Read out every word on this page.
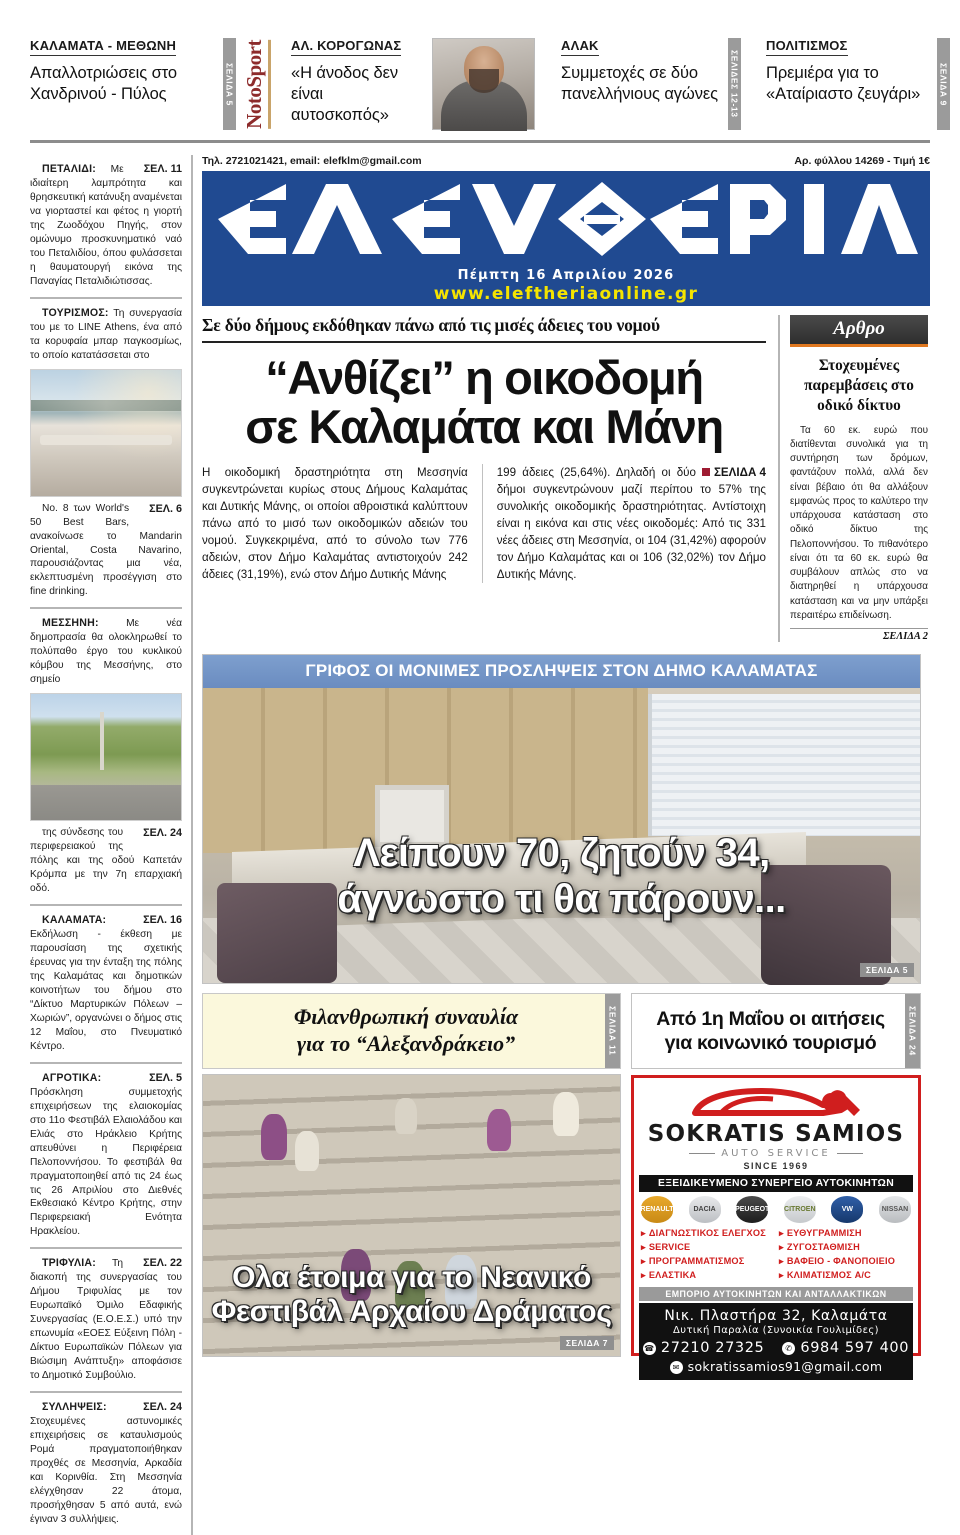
ΚΑΛΑΜΑΤΑ - ΜΕΘΩΝΗ
Απαλλοτριώσεις στο Χανδρινού - Πύλος	ΣΕΛΙΔΑ 5 NotoSport	ΑΛ. ΚΟΡΟΓΩΝΑΣ
«Η άνοδος δεν είναι αυτοσκοπός»
ΑΛΑΚ
Συμμετοχές σε δύο πανελλήνιους αγώνες	ΣΕΛΙΔΕΣ 12-13
ΠΟΛΙΤΙΣΜΟΣ
Πρεμιέρα για το «Αταίριαστο ζευγάρι»	ΣΕΛΙΔΑ 9

ΣΕΛ. 11
ΠΕΤΑΛΙΔΙ: Με ιδιαίτερη λαμπρότητα και θρησκευτική κατάνυξη αναμένεται να γιορταστεί και φέτος η γιορτή της Ζωοδόχου Πηγής, στον ομώνυμο προσκυνηματικό ναό του Πεταλιδίου, όπου φυλάσσεται η θαυματουργή εικόνα της Παναγίας Πεταλιδιώτισσας.

ΤΟΥΡΙΣΜΟΣ: Τη συνεργασία του με το LINE Athens, ένα από τα κορυφαία μπαρ παγκοσμίως, το οποίο κατατάσσεται στο

ΣΕΛ. 6
No. 8 των World's 50 Best Bars, ανακοίνωσε το Mandarin Oriental, Costa Navarino, παρουσιάζοντας μια νέα, εκλεπτυσμένη προσέγγιση στο fine drinking.

ΜΕΣΣΗΝΗ: Με νέα δημοπρασία θα ολοκληρωθεί το πολύπαθο έργο του κυκλικού κόμβου της Μεσσήνης, στο σημείο

ΣΕΛ. 24
της σύνδεσης του περιφερειακού της πόλης και της οδού Καπετάν Κρόμπα με την 7η επαρχιακή οδό.

ΣΕΛ. 16
ΚΑΛΑΜΑΤΑ: Εκδήλωση - έκθεση με παρουσίαση της σχετικής έρευνας για την ένταξη της πόλης της Καλαμάτας και δημοτικών κοινοτήτων του δήμου στο “Δίκτυο Μαρτυρικών Πόλεων – Χωριών”, οργανώνει ο δήμος στις 12 Μαΐου, στο Πνευματικό Κέντρο.

ΣΕΛ. 5
ΑΓΡΟΤΙΚΑ: Πρόσκληση συμμετοχής επιχειρήσεων της ελαιοκομίας στο 11ο Φεστιβάλ Ελαιολάδου και Ελιάς στο Ηράκλειο Κρήτης απευθύνει η Περιφέρεια Πελοποννήσου. Το φεστιβάλ θα πραγματοποιηθεί από τις 24 έως τις 26 Απριλίου στο Διεθνές Εκθεσιακό Κέντρο Κρήτης, στην Περιφερειακή Ενότητα Ηρακλείου.

ΣΕΛ. 22
ΤΡΙΦΥΛΙΑ: Τη διακοπή της συνεργασίας του Δήμου Τριφυλίας με τον Ευρωπαϊκό Όμιλο Εδαφικής Συνεργασίας (Ε.Ο.Ε.Σ.) υπό την επωνυμία «ΕΟΕΣ Εύξεινη Πόλη - Δίκτυο Ευρωπαϊκών Πόλεων για Βιώσιμη Ανάπτυξη» αποφάσισε το Δημοτικό Συμβούλιο.

ΣΕΛ. 24
ΣΥΛΛΗΨΕΙΣ: Στοχευμένες αστυνομικές επιχειρήσεις σε καταυλισμούς Ρομά πραγματοποιήθηκαν προχθές σε Μεσσηνία, Αρκαδία και Κορινθία. Στη Μεσσηνία ελέγχθησαν 22 άτομα, προσήχθησαν 5 από αυτά, ενώ έγιναν 3 συλλήψεις.

Τηλ. 2721021421, email: elefklm@gmail.com	Αρ. φύλλου 14269 - Τιμή 1€
Πέμπτη 16 Απριλίου 2026
www.eleftheriaonline.gr
Σε δύο δήμους εκδόθηκαν πάνω από τις μισές άδειες του νομού
“Ανθίζει” η οικοδομή
σε Καλαμάτα και Μάνη

Η οικοδομική δραστηριότητα στη Μεσσηνία συγκεντρώνεται κυρίως στους Δήμους Καλαμάτας και Δυτικής Μάνης, οι οποίοι αθροιστικά καλύπτουν πάνω από το μισό των οικοδομικών αδειών του νομού. Συγκεκριμένα, από το σύνολο των 776 αδειών, στον Δήμο Καλαμάτας αντιστοιχούν 242 άδειες (31,19%), ενώ στον Δήμο Δυτικής Μάνης

ΣΕΛΙΔΑ 4
199 άδειες (25,64%). Δηλαδή οι δύο δήμοι συγκεντρώνουν μαζί περίπου το 57% της συνολικής οικοδομικής δραστηριότητας. Αντίστοιχη είναι η εικόνα και στις νέες οικοδομές: Από τις 331 νέες άδειες στη Μεσσηνία, οι 104 (31,42%) αφορούν τον Δήμο Καλαμάτας και οι 106 (32,02%) τον Δήμο Δυτικής Μάνης.

Αρθρο
Στοχευμένες παρεμβάσεις στο οδικό δίκτυο

Τα 60 εκ. ευρώ που διατίθενται συνολικά για τη συντήρηση των δρόμων, φαντάζουν πολλά, αλλά δεν είναι βέβαιο ότι θα αλλάξουν εμφανώς προς το καλύτερο την υπάρχουσα κατάσταση στο οδικό δίκτυο της Πελοποννήσου. Το πιθανότερο είναι ότι τα 60 εκ. ευρώ θα συμβάλουν απλώς στο να διατηρηθεί η υπάρχουσα κατάσταση και να μην υπάρξει περαιτέρω επιδείνωση.

ΣΕΛΙΔΑ 2
ΓΡΙΦΟΣ ΟΙ ΜΟΝΙΜΕΣ ΠΡΟΣΛΗΨΕΙΣ ΣΤΟΝ ΔΗΜΟ ΚΑΛΑΜΑΤΑΣ
Λείπουν 70, ζητούν 34,
άγνωστο τι θα πάρουν...
ΣΕΛΙΔΑ 5
Φιλανθρωπική συναυλία
για το “Αλεξανδράκειο”	ΣΕΛΙΔΑ 11
Ολα έτοιμα για το Νεανικό
Φεστιβάλ Αρχαίου Δράματος
ΣΕΛΙΔΑ 7
Από 1η Μαΐου οι αιτήσεις
για κοινωνικό τουρισμό	ΣΕΛΙΔΑ 24
SOKRATIS SAMIOS
AUTO SERVICE
SINCE 1969
ΕΞΕΙΔΙΚΕΥΜΕΝΟ ΣΥΝΕΡΓΕΙΟ ΑΥΤΟΚΙΝΗΤΩΝ
RENAULT	DACIA	PEUGEOT CITROEN	VW	NISSAN
▸ ΔΙΑΓΝΩΣΤΙΚΟΣ ΕΛΕΓΧΟΣ
▸ SERVICE
▸ ΠΡΟΓΡΑΜΜΑΤΙΣΜΟΣ
▸ ΕΛΑΣΤΙΚΑ
▸ ΕΥΘΥΓΡΑΜΜΙΣΗ
▸ ΖΥΓΟΣΤΑΘΜΙΣΗ
▸ ΒΑΦΕΙΟ - ΦΑΝΟΠΟΙΕΙΟ
▸ ΚΛΙΜΑΤΙΣΜΟΣ A/C
ΕΜΠΟΡΙΟ ΑΥΤΟΚΙΝΗΤΩΝ ΚΑΙ ΑΝΤΑΛΛΑΚΤΙΚΩΝ
Νικ. Πλαστήρα 32, Καλαμάτα
Δυτική Παραλία (Συνοικία Γουλιμίδες)
☎ 27210 27325	✆ 6984 597 400
✉ sokratissamios91@gmail.com
